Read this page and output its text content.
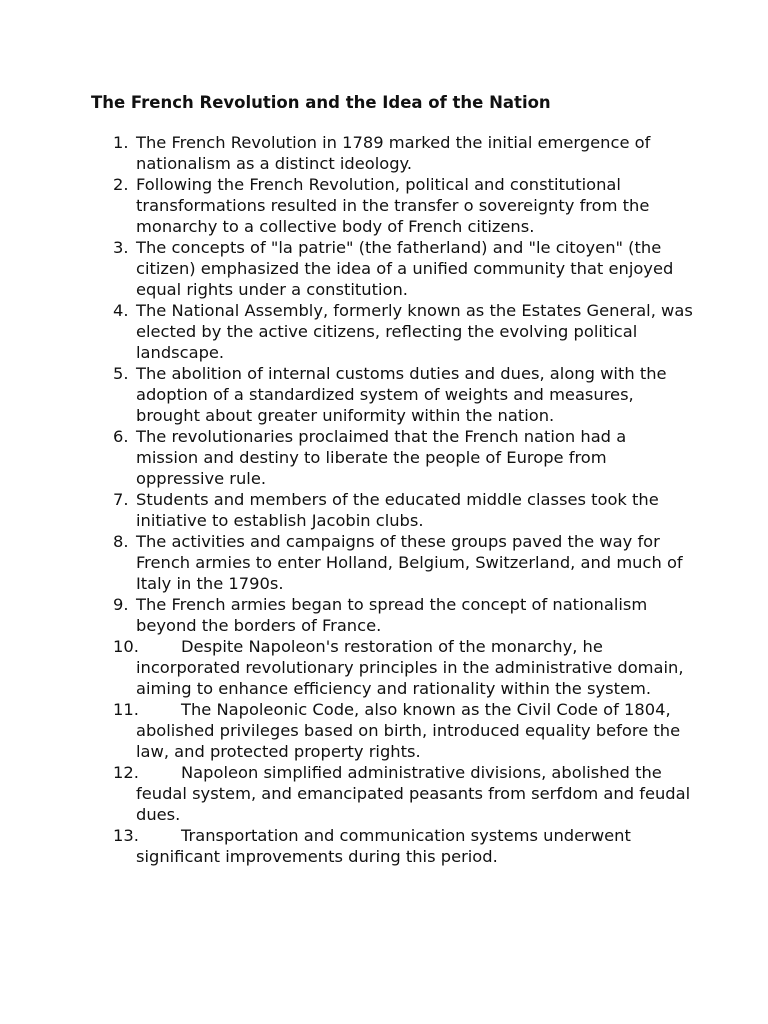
The French Revolution and the Idea of the Nation
1. The French Revolution in 1789 marked the initial emergence of nationalism as a distinct ideology.
2. Following the French Revolution, political and constitutional transformations resulted in the transfer o sovereignty from the monarchy to a collective body of French citizens.
3. The concepts of "la patrie" (the fatherland) and "le citoyen" (the citizen) emphasized the idea of a unified community that enjoyed equal rights under a constitution.
4. The National Assembly, formerly known as the Estates General, was elected by the active citizens, reflecting the evolving political landscape.
5. The abolition of internal customs duties and dues, along with the adoption of a standardized system of weights and measures, brought about greater uniformity within the nation.
6. The revolutionaries proclaimed that the French nation had a mission and destiny to liberate the people of Europe from oppressive rule.
7. Students and members of the educated middle classes took the initiative to establish Jacobin clubs.
8. The activities and campaigns of these groups paved the way for French armies to enter Holland, Belgium, Switzerland, and much of Italy in the 1790s.
9. The French armies began to spread the concept of nationalism beyond the borders of France.
10.	Despite Napoleon's restoration of the monarchy, he incorporated revolutionary principles in the administrative domain, aiming to enhance efficiency and rationality within the system.
11.	The Napoleonic Code, also known as the Civil Code of 1804, abolished privileges based on birth, introduced equality before the law, and protected property rights.
12.	Napoleon simplified administrative divisions, abolished the feudal system, and emancipated peasants from serfdom and feudal dues.
13.	Transportation and communication systems underwent significant improvements during this period.
